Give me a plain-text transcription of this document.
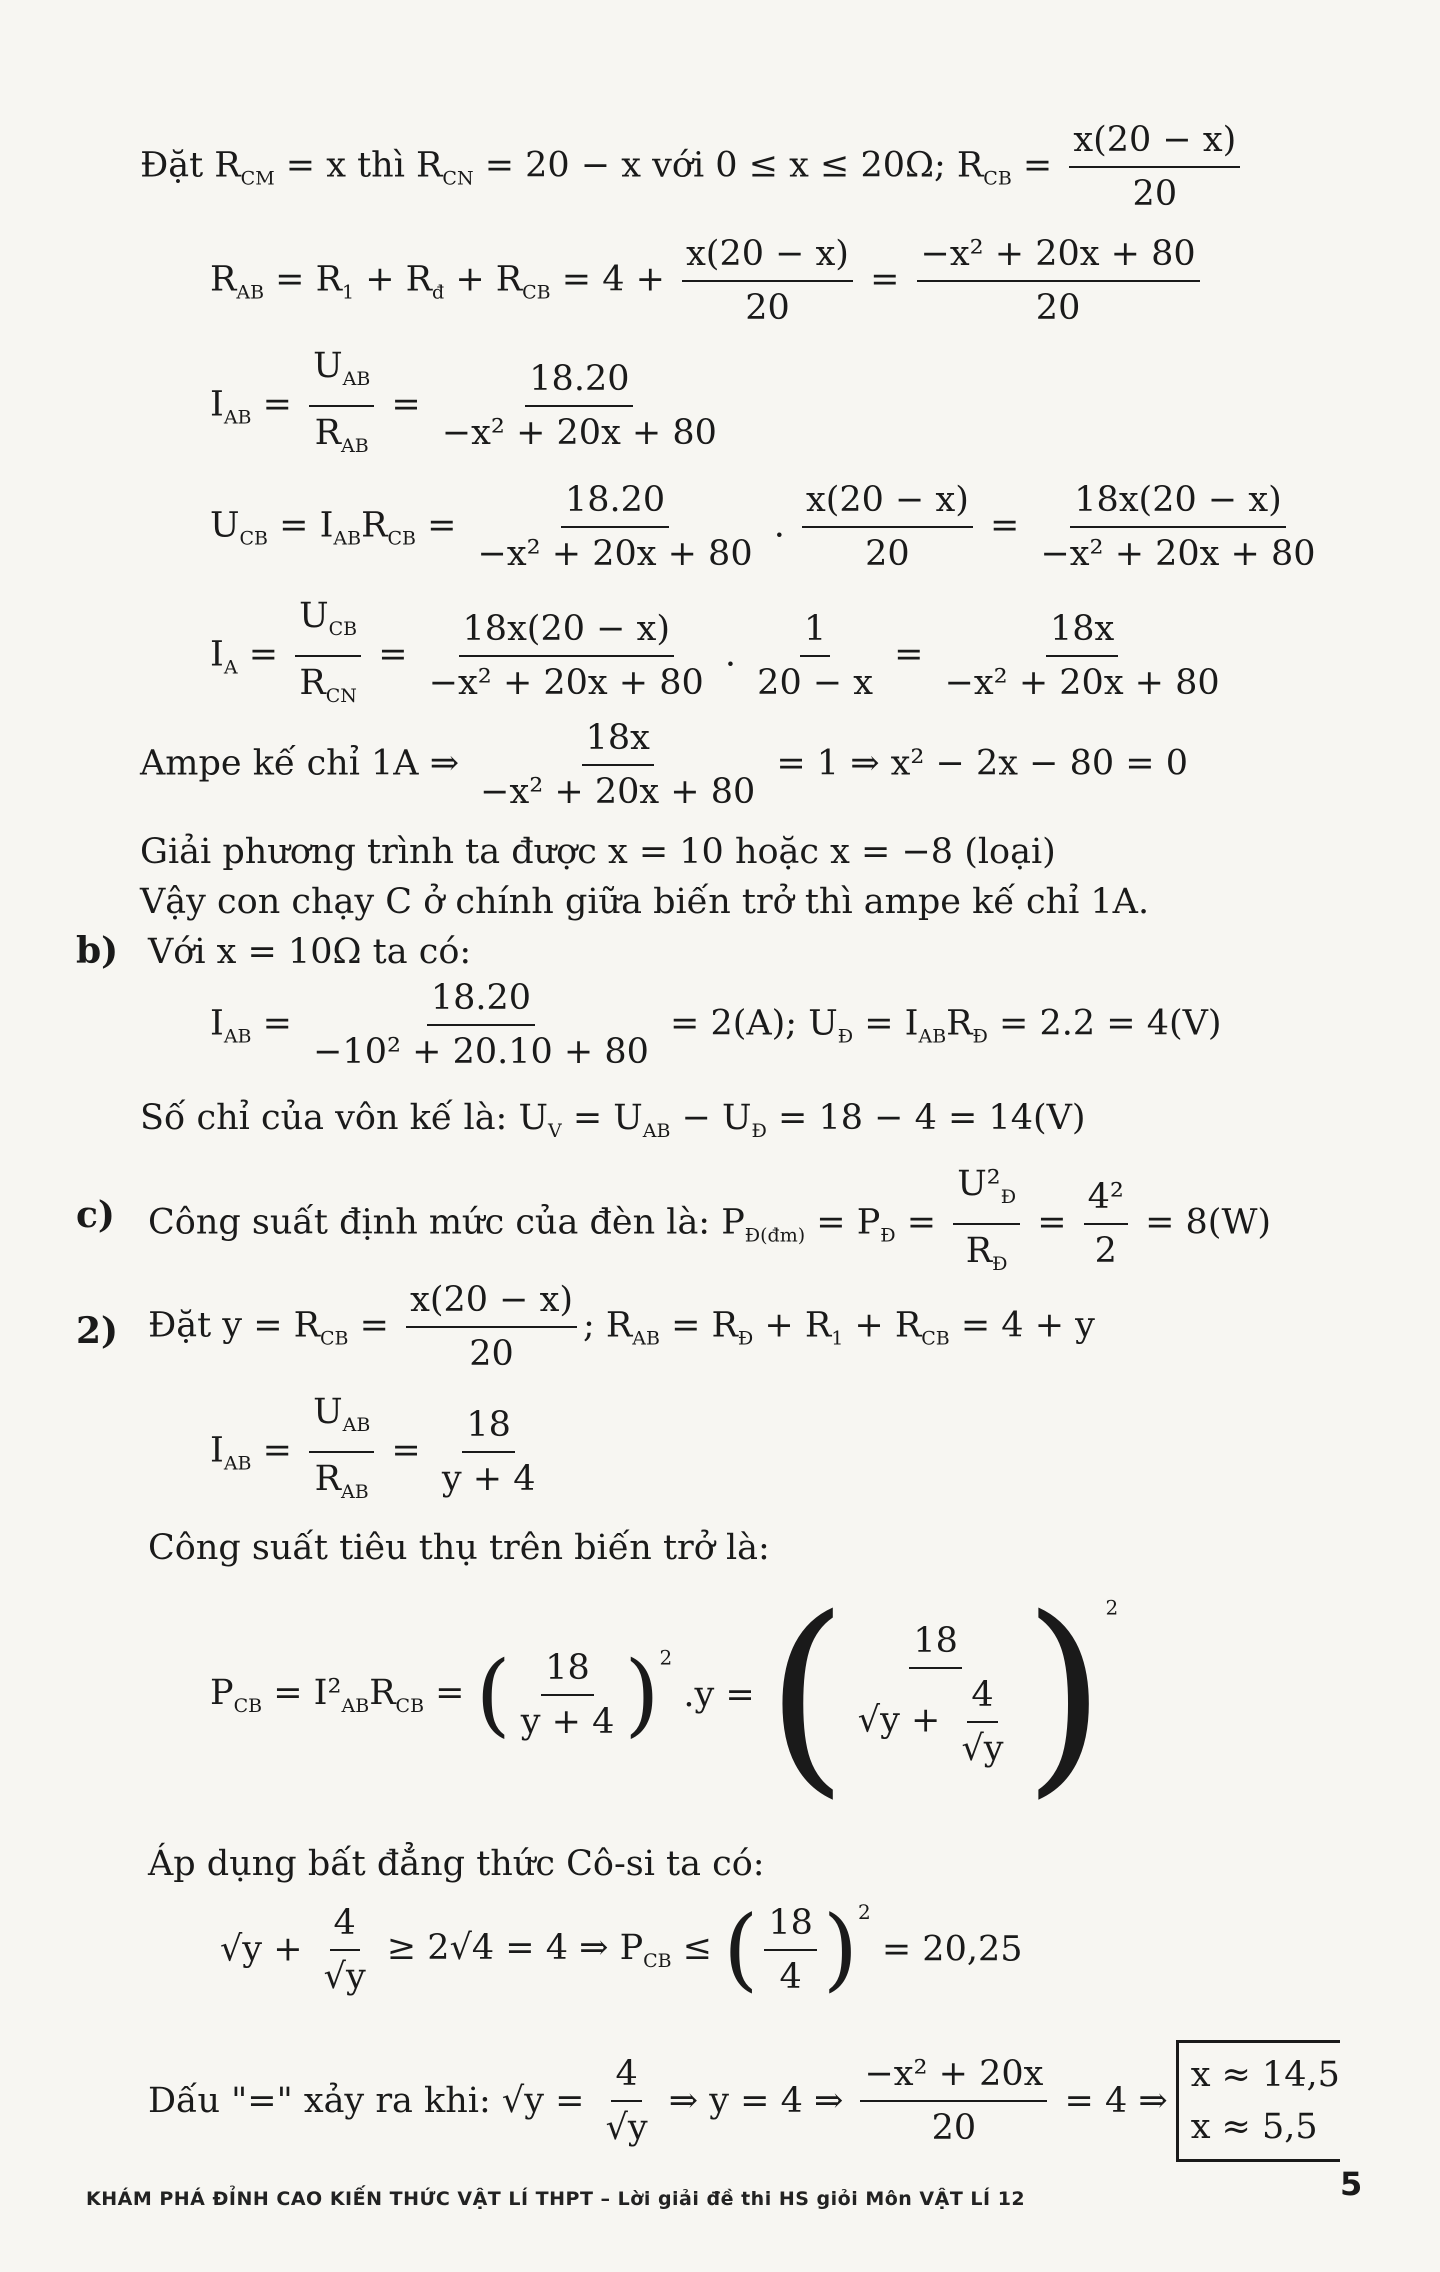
Đặt $R_{CM} = x$ thì $R_{CN} = 20 - x$ với 0 ≤ x ≤ 20Ω; $R_{CB} = \frac{x(20 - x)}{20}$
$R_{AB} = R_1 + R_đ + R_{CB} = 4 + \frac{x(20 - x)}{20} = \frac{\text{−x² + 20x + 80}}{20}$
$I_{AB} = \frac{U_{AB}}{R_{AB}} = \frac{18.20}{\text{−x² + 20x + 80}}$
$U_{CB} = I_{AB}R_{CB} = \frac{18.20}{\text{−x² + 20x + 80}}$ . $\frac{x(20 - x)}{20} = \frac{18x(20 - x)}{\text{−x² + 20x + 80}}$
$I_A = \frac{U_{CB}}{R_{CN}} = \frac{18x(20 - x)}{\text{−x² + 20x + 80}}$ . $\frac{1}{20 - x} = \frac{18x}{\text{−x² + 20x + 80}}$
Ampe kế chỉ 1A ⇒ $\frac{18x}{\text{−x² + 20x + 80}} = 1$ ⇒ x² − 2x − 80 = 0
Giải phương trình ta được x = 10 hoặc x = −8 (loại)
Vậy con chạy C ở chính giữa biến trở thì ampe kế chỉ 1A.
b) Với x = 10Ω ta có:
$I_{AB} = \frac{18.20}{\text{−10² + 20.10 + 80}} = 2(A)$; $U_Đ = I_{AB}R_Đ = 2.2 = 4(V)$
Số chỉ của vôn kế là: $U_V = U_{AB} - U_Đ = 18 - 4 = 14(V)$
c) Công suất định mức của đèn là: $P_{Đ(đm)} = P_Đ = \frac{U^2_Đ}{R_Đ} = \frac{\text{4²}}{2} = 8(W)$
2) Đặt $y = R_{CB} = \frac{x(20 - x)}{20}$ ; $R_{AB} = R_Đ + R_1 + R_{CB} = 4 + y$
$I_{AB} = \frac{U_{AB}}{R_{AB}} = \frac{18}{y + 4}$
Công suất tiêu thụ trên biến trở là:
$P_{CB} = I^2_{AB}R_{CB}$ = ( $\frac{18}{y + 4} )^2$ .y = ( $\frac{18}{√y + \frac{4}{√y}} )^2$
Áp dụng bất đẳng thức Cô-si ta có:
$√y + \frac{4}{√y} \ge 2√4 = 4$ ⇒ $P_{CB}$ ≤ ( $\frac{18}{4} )^2 = 20,25$
Dấu "=" xảy ra khi: $√y = \frac{4}{√y}$ ⇒ y = 4 ⇒ $\frac{\text{−x² + 20x}}{20} = 4$ ⇒
x ≈ 14,5
x ≈ 5,5
KHÁM PHÁ ĐỈNH CAO KIẾN THỨC VẬT LÍ THPT – Lời giải đề thi HS giỏi Môn VẬT LÍ 12	5
